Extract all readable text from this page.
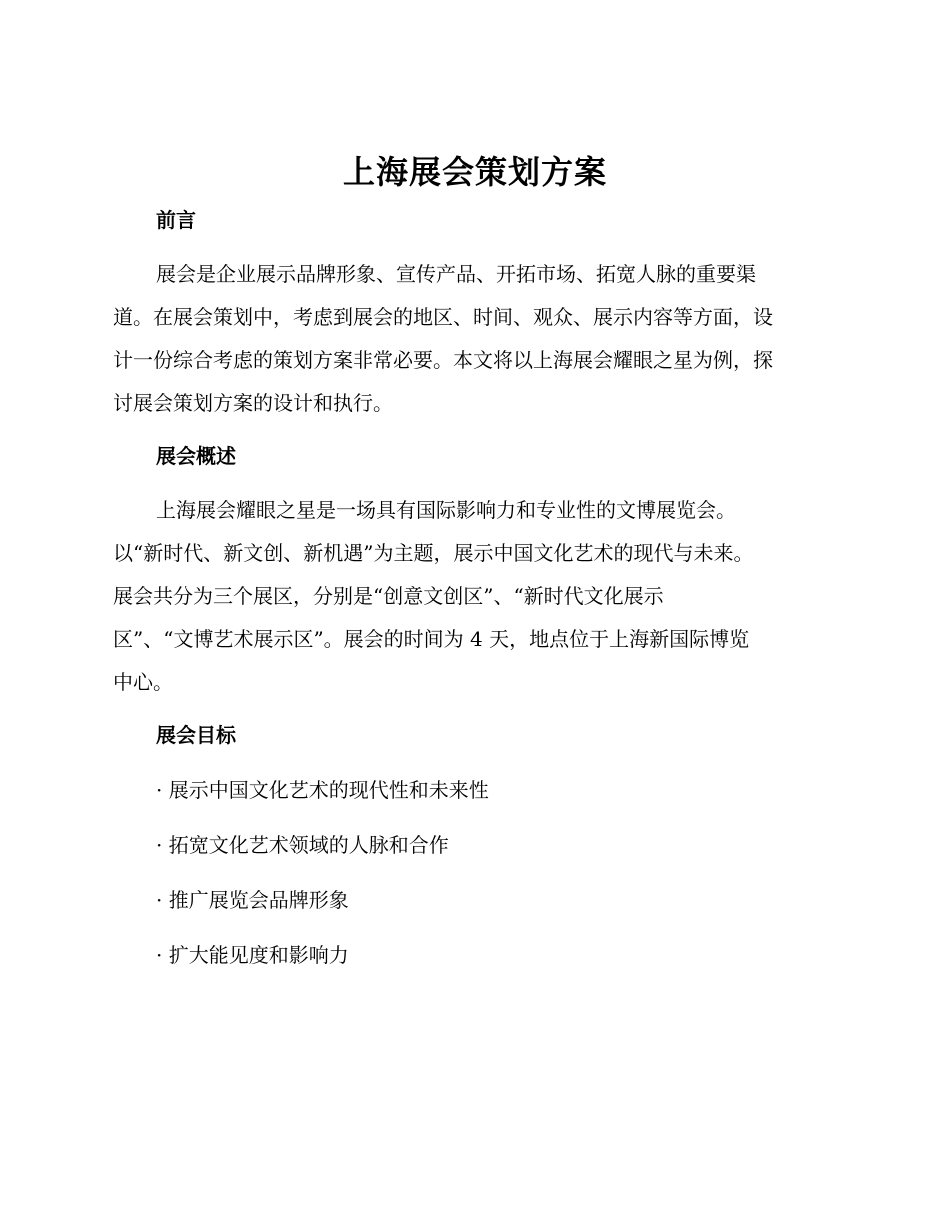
上海展会策划方案
前言
展会是企业展示品牌形象、宣传产品、开拓市场、拓宽人脉的重要渠
道。在展会策划中，考虑到展会的地区、时间、观众、展示内容等方面，设
计一份综合考虑的策划方案非常必要。本文将以上海展会耀眼之星为例，探
讨展会策划方案的设计和执行。
展会概述
上海展会耀眼之星是一场具有国际影响力和专业性的文博展览会。
以“新时代、新文创、新机遇”为主题，展示中国文化艺术的现代与未来。
展会共分为三个展区，分别是“创意文创区”、“新时代文化展示
区”、“文博艺术展示区”。展会的时间为 4 天，地点位于上海新国际博览
中心。
展会目标
· 展示中国文化艺术的现代性和未来性
· 拓宽文化艺术领域的人脉和合作
· 推广展览会品牌形象
· 扩大能见度和影响力
